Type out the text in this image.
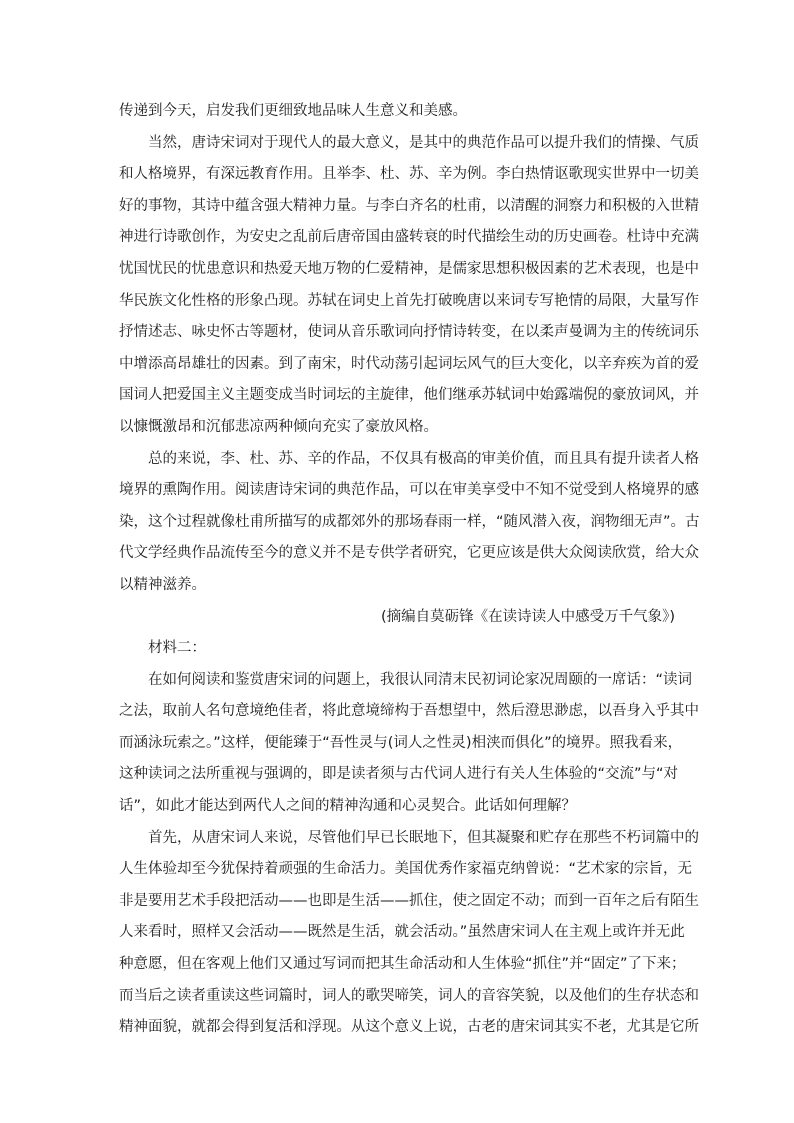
传递到今天，启发我们更细致地品味人生意义和美感。
当然，唐诗宋词对于现代人的最大意义，是其中的典范作品可以提升我们的情操、气质
和人格境界，有深远教育作用。且举李、杜、苏、辛为例。李白热情讴歌现实世界中一切美
好的事物，其诗中蕴含强大精神力量。与李白齐名的杜甫，以清醒的洞察力和积极的入世精
神进行诗歌创作，为安史之乱前后唐帝国由盛转衰的时代描绘生动的历史画卷。杜诗中充满
忧国忧民的忧患意识和热爱天地万物的仁爱精神，是儒家思想积极因素的艺术表现，也是中
华民族文化性格的形象凸现。苏轼在词史上首先打破晚唐以来词专写艳情的局限，大量写作
抒情述志、咏史怀古等题材，使词从音乐歌词向抒情诗转变，在以柔声曼调为主的传统词乐
中增添高昂雄壮的因素。到了南宋，时代动荡引起词坛风气的巨大变化，以辛弃疾为首的爱
国词人把爱国主义主题变成当时词坛的主旋律，他们继承苏轼词中始露端倪的豪放词风，并
以慷慨激昂和沉郁悲凉两种倾向充实了豪放风格。
总的来说，李、杜、苏、辛的作品，不仅具有极高的审美价值，而且具有提升读者人格
境界的熏陶作用。阅读唐诗宋词的典范作品，可以在审美享受中不知不觉受到人格境界的感
染，这个过程就像杜甫所描写的成都郊外的那场春雨一样，“随风潜入夜，润物细无声”。古
代文学经典作品流传至今的意义并不是专供学者研究，它更应该是供大众阅读欣赏，给大众
以精神滋养。
(摘编自莫砺锋《在读诗读人中感受万千气象》)
材料二：
在如何阅读和鉴赏唐宋词的问题上，我很认同清末民初词论家况周颐的一席话：“读词
之法，取前人名句意境绝佳者，将此意境缔构于吾想望中，然后澄思渺虑，以吾身入乎其中
而涵泳玩索之。”这样，便能臻于“吾性灵与(词人之性灵)相浃而俱化”的境界。照我看来，
这种读词之法所重视与强调的，即是读者须与古代词人进行有关人生体验的“交流”与“对
话”，如此才能达到两代人之间的精神沟通和心灵契合。此话如何理解？
首先，从唐宋词人来说，尽管他们早已长眠地下，但其凝聚和贮存在那些不朽词篇中的
人生体验却至今犹保持着顽强的生命活力。美国优秀作家福克纳曾说：“艺术家的宗旨，无
非是要用艺术手段把活动——也即是生活——抓住，使之固定不动；而到一百年之后有陌生
人来看时，照样又会活动——既然是生活，就会活动。”虽然唐宋词人在主观上或许并无此
种意愿，但在客观上他们又通过写词而把其生命活动和人生体验“抓住”并“固定”了下来；
而当后之读者重读这些词篇时，词人的歌哭啼笑，词人的音容笑貌，以及他们的生存状态和
精神面貌，就都会得到复活和浮现。从这个意义上说，古老的唐宋词其实不老，尤其是它所
